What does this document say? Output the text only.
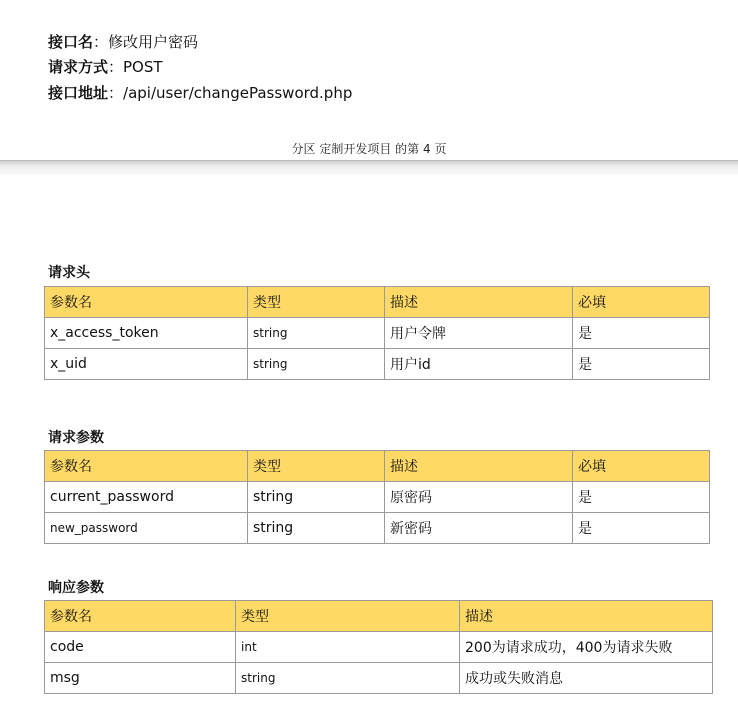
接口名：修改用户密码
请求方式：POST
接口地址：/api/user/changePassword.php
分区 定制开发项目 的第 4 页
请求头
参数名	类型	描述	必填
x_access_token	string	用户令牌	是
x_uid	string	用户id	是
请求参数
参数名	类型	描述	必填
current_password	string	原密码	是
new_password	string	新密码	是
响应参数
参数名	类型	描述
code	int	200为请求成功，400为请求失败
msg	string	成功或失败消息
